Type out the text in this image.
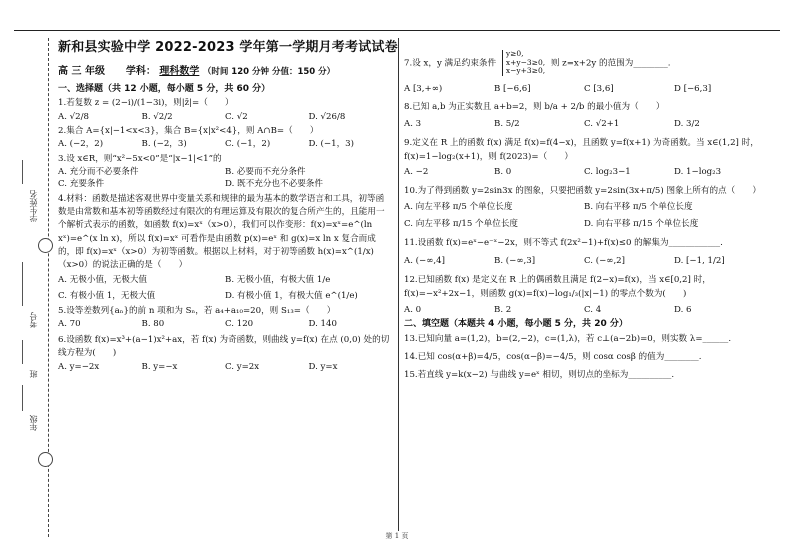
学生姓名
考号
班
年级
新和县实验中学 2022-2023 学年第一学期月考考试试卷
高 三 年级 学科： 理科数学 （时间 120 分钟 分值：150 分）
一、选择题（共 12 小题，每小题 5 分，共 60 分）
1.若复数 z = (2−i)/(1−3i)，则|z̄|=（　　）
A. √2/8	B. √2/2	C. √2	D. √26/8
2.集合 A={x|−1<x<3}，集合 B={x|x²<4}，则 A∩B=（　　）
A. (−2，2)	B. (−2，3)	C. (−1，2)	D. (−1，3)
3.设 x∈R，则“x²−5x<0”是“|x−1|<1”的
A. 充分而不必要条件	B. 必要而不充分条件
C. 充要条件	D. 既不充分也不必要条件
4.材料：函数是描述客观世界中变量关系和规律的最为基本的数学语言和工具，初等函数是由常数和基本初等函数经过有限次的有理运算及有限次的复合所产生的，且能用一个解析式表示的函数，如函数 f(x)=xˣ（x>0），我们可以作变形：f(x)=xˣ=e^(ln xˣ)=e^(x ln x)，所以 f(x)=xˣ 可看作是由函数 p(x)=eˣ 和 g(x)=x ln x 复合而成的，即 f(x)=xˣ（x>0）为初等函数。根据以上材料，对于初等函数 h(x)=x^(1/x)（x>0）的说法正确的是（　　）
A. 无极小值，无极大值	B. 无极小值，有极大值 1/e
C. 有极小值 1，无极大值	D. 有极小值 1，有极大值 e^(1/e)
5.设等差数列{aₙ}的前 n 项和为 Sₙ，若 a₄+a₁₀=20，则 S₁₃=（　　）
A. 70	B. 80	C. 120	D. 140
6.设函数 f(x)=x³+(a−1)x²+ax，若 f(x) 为奇函数，则曲线 y=f(x) 在点 (0,0) 处的切线方程为(　　)
A. y=−2x	B. y=−x	C. y=2x	D. y=x
7.设 x，y 满足约束条件 y≥0,
x+y−3≥0,
x−y+3≥0, 则 z=x+2y 的范围为________.
A [3,+∞)	B [−6,6]	C [3,6]	D [−6,3]
8.已知 a,b 为正实数且 a+b=2，则 b/a + 2/b 的最小值为（　　）
A. 3	B. 5/2	C. √2+1	D. 3/2
9.定义在 R 上的函数 f(x) 满足 f(x)=f(4−x)，且函数 y=f(x+1) 为奇函数。当 x∈(1,2] 时，f(x)=1−log₂(x+1)，则 f(2023)=（　　）
A. −2	B. 0	C. log₂3−1	D. 1−log₂3
10.为了得到函数 y=2sin3x 的图象，只要把函数 y=2sin(3x+π/5) 图象上所有的点（　　）
A. 向左平移 π/5 个单位长度	B. 向右平移 π/5 个单位长度
C. 向左平移 π/15 个单位长度	D. 向右平移 π/15 个单位长度
11.设函数 f(x)=eˣ−e⁻ˣ−2x，则不等式 f(2x²−1)+f(x)≤0 的解集为____________.
A. (−∞,4]	B. (−∞,3]	C. (−∞,2]	D. [−1, 1/2]
12.已知函数 f(x) 是定义在 R 上的偶函数且满足 f(2−x)=f(x)，当 x∈[0,2] 时，f(x)=−x²+2x−1，则函数 g(x)=f(x)−log₁/₃(|x|−1) 的零点个数为(　　)
A. 0	B. 2	C. 4	D. 6
二、填空题（本题共 4 小题，每小题 5 分，共 20 分）
13.已知向量 a=(1,2)，b=(2,−2)，c=(1,λ)，若 c⊥(a−2b)=0，则实数 λ=______.
14.已知 cos(α+β)=4/5，cos(α−β)=−4/5，则 cosα cosβ 的值为________.
15.若直线 y=k(x−2) 与曲线 y=eˣ 相切，则切点的坐标为__________.
第 1 页
